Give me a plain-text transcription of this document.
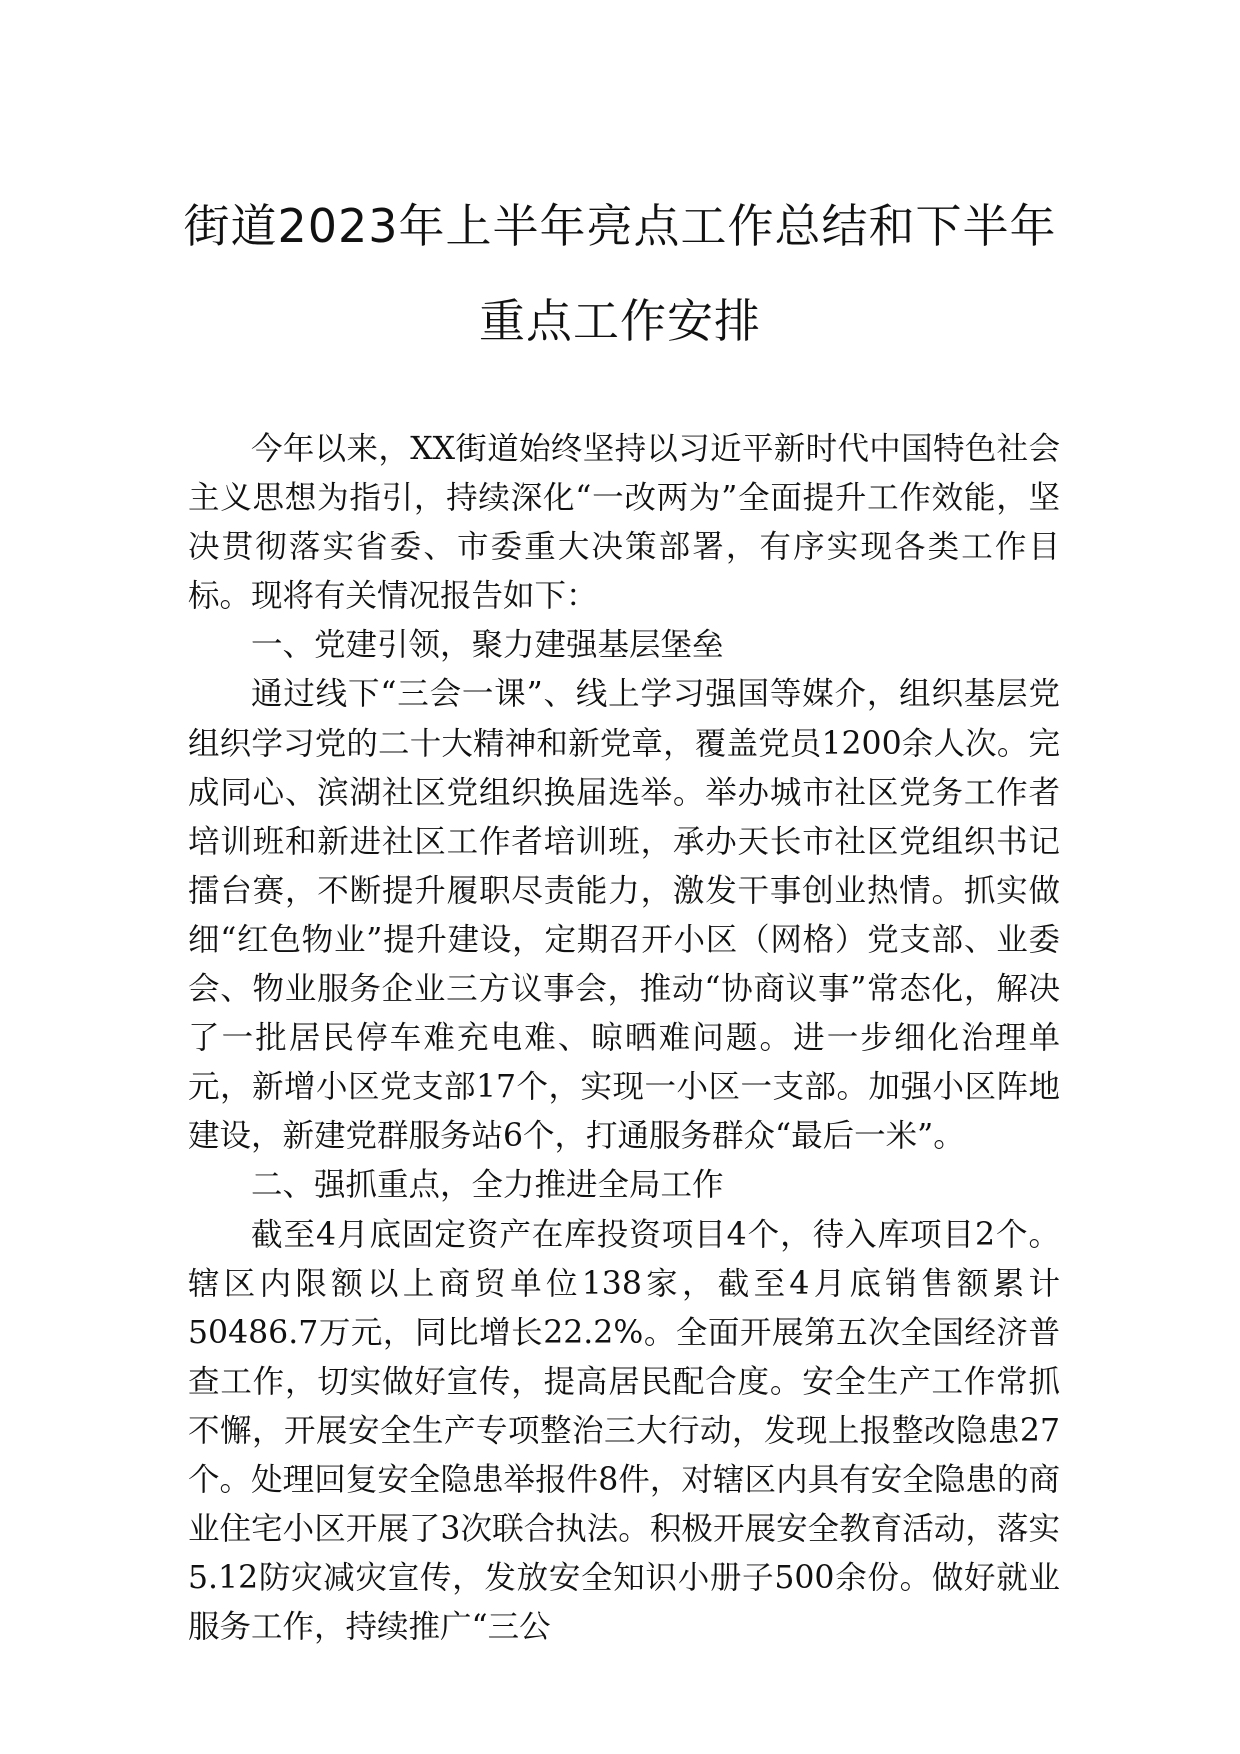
街道2023年上半年亮点工作总结和下半年
重点工作安排

今年以来，XX街道始终坚持以习近平新时代中国特色社会主义思想为指引，持续深化“一改两为”全面提升工作效能，坚决贯彻落实省委、市委重大决策部署，有序实现各类工作目标。现将有关情况报告如下：

一、党建引领，聚力建强基层堡垒

通过线下“三会一课”、线上学习强国等媒介，组织基层党组织学习党的二十大精神和新党章，覆盖党员1200余人次。完成同心、滨湖社区党组织换届选举。举办城市社区党务工作者培训班和新进社区工作者培训班，承办天长市社区党组织书记擂台赛，不断提升履职尽责能力，激发干事创业热情。抓实做细“红色物业”提升建设，定期召开小区（网格）党支部、业委会、物业服务企业三方议事会，推动“协商议事”常态化，解决了一批居民停车难充电难、晾晒难问题。进一步细化治理单元，新增小区党支部17个，实现一小区一支部。加强小区阵地建设，新建党群服务站6个，打通服务群众“最后一米”。

二、强抓重点，全力推进全局工作

截至4月底固定资产在库投资项目4个，待入库项目2个。辖区内限额以上商贸单位138家，截至4月底销售额累计50486.7万元，同比增长22.2%。全面开展第五次全国经济普查工作，切实做好宣传，提高居民配合度。安全生产工作常抓不懈，开展安全生产专项整治三大行动，发现上报整改隐患27个。处理回复安全隐患举报件8件，对辖区内具有安全隐患的商业住宅小区开展了3次联合执法。积极开展安全教育活动，落实5.12防灾减灾宣传，发放安全知识小册子500余份。做好就业服务工作，持续推广“三公
